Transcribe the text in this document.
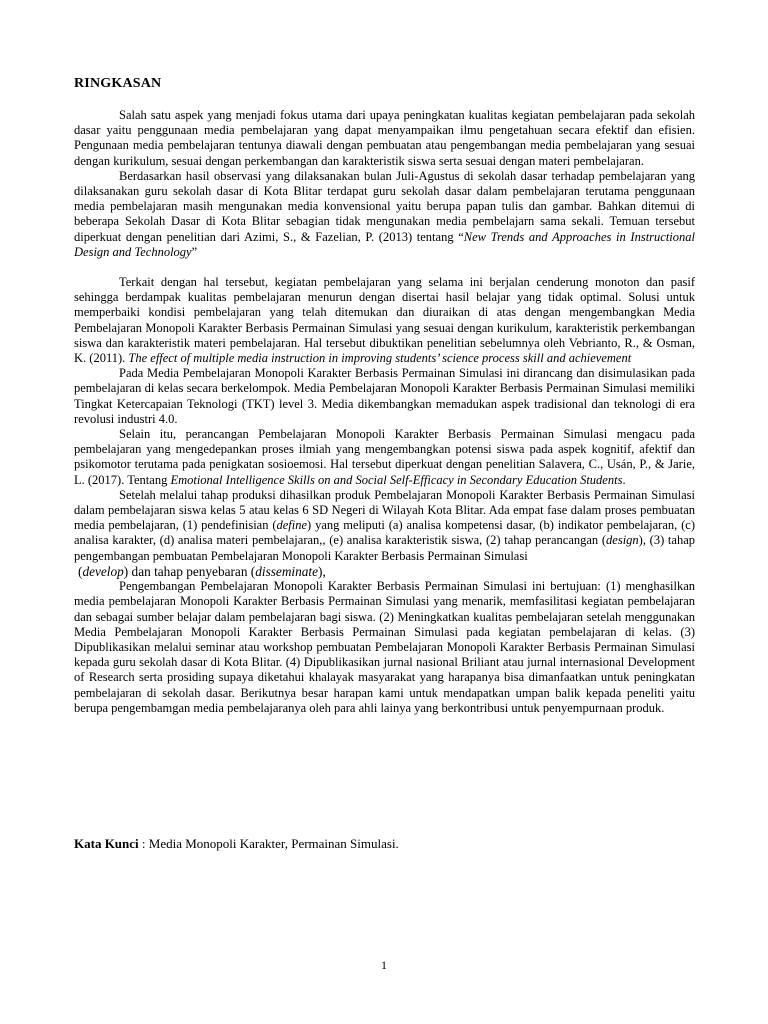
RINGKASAN

Salah satu aspek yang menjadi fokus utama dari upaya peningkatan kualitas kegiatan pembelajaran pada sekolah dasar yaitu penggunaan media pembelajaran yang dapat menyampaikan ilmu pengetahuan secara efektif dan efisien. Pengunaan media pembelajaran tentunya diawali dengan pembuatan atau pengembangan media pembelajaran yang sesuai dengan kurikulum, sesuai dengan perkembangan dan karakteristik siswa serta sesuai dengan materi pembelajaran.

Berdasarkan hasil observasi yang dilaksanakan bulan Juli-Agustus di sekolah dasar terhadap pembelajaran yang dilaksanakan guru sekolah dasar di Kota Blitar terdapat guru sekolah dasar dalam pembelajaran terutama penggunaan media pembelajaran masih mengunakan media konvensional yaitu berupa papan tulis dan gambar. Bahkan ditemui di beberapa Sekolah Dasar di Kota Blitar sebagian tidak mengunakan media pembelajarn sama sekali. Temuan tersebut diperkuat dengan penelitian dari Azimi, S., & Fazelian, P. (2013) tentang “New Trends and Approaches in Instructional Design and Technology”

Terkait dengan hal tersebut, kegiatan pembelajaran yang selama ini berjalan cenderung monoton dan pasif sehingga berdampak kualitas pembelajaran menurun dengan disertai hasil belajar yang tidak optimal. Solusi untuk memperbaiki kondisi pembelajaran yang telah ditemukan dan diuraikan di atas dengan mengembangkan Media Pembelajaran Monopoli Karakter Berbasis Permainan Simulasi yang sesuai dengan kurikulum, karakteristik perkembangan siswa dan karakteristik materi pembelajaran. Hal tersebut dibuktikan penelitian sebelumnya oleh Vebrianto, R., & Osman, K. (2011). The effect of multiple media instruction in improving students’ science process skill and achievement

Pada Media Pembelajaran Monopoli Karakter Berbasis Permainan Simulasi ini dirancang dan disimulasikan pada pembelajaran di kelas secara berkelompok. Media Pembelajaran Monopoli Karakter Berbasis Permainan Simulasi memiliki Tingkat Ketercapaian Teknologi (TKT) level 3. Media dikembangkan memadukan aspek tradisional dan teknologi di era revolusi industri 4.0.

Selain itu, perancangan Pembelajaran Monopoli Karakter Berbasis Permainan Simulasi mengacu pada pembelajaran yang mengedepankan proses ilmiah yang mengembangkan potensi siswa pada aspek kognitif, afektif dan psikomotor terutama pada penigkatan sosioemosi. Hal tersebut diperkuat dengan penelitian Salavera, C., Usán, P., & Jarie, L. (2017). Tentang Emotional Intelligence Skills on and Social Self-Efficacy in Secondary Education Students.

Setelah melalui tahap produksi dihasilkan produk Pembelajaran Monopoli Karakter Berbasis Permainan Simulasi dalam pembelajaran siswa kelas 5 atau kelas 6 SD Negeri di Wilayah Kota Blitar. Ada empat fase dalam proses pembuatan media pembelajaran, (1) pendefinisian (define) yang meliputi (a) analisa kompetensi dasar, (b) indikator pembelajaran, (c) analisa karakter, (d) analisa materi pembelajaran,, (e) analisa karakteristik siswa, (2) tahap perancangan (design), (3) tahap pengembangan pembuatan Pembelajaran Monopoli Karakter Berbasis Permainan Simulasi

(develop) dan tahap penyebaran (disseminate),

Pengembangan Pembelajaran Monopoli Karakter Berbasis Permainan Simulasi ini bertujuan: (1) menghasilkan media pembelajaran Monopoli Karakter Berbasis Permainan Simulasi yang menarik, memfasilitasi kegiatan pembelajaran dan sebagai sumber belajar dalam pembelajaran bagi siswa. (2) Meningkatkan kualitas pembelajaran setelah menggunakan Media Pembelajaran Monopoli Karakter Berbasis Permainan Simulasi pada kegiatan pembelajaran di kelas. (3) Dipublikasikan melalui seminar atau workshop pembuatan Pembelajaran Monopoli Karakter Berbasis Permainan Simulasi kepada guru sekolah dasar di Kota Blitar. (4) Dipublikasikan jurnal nasional Briliant atau jurnal internasional Development of Research serta prosiding supaya diketahui khalayak masyarakat yang harapanya bisa dimanfaatkan untuk peningkatan pembelajaran di sekolah dasar. Berikutnya besar harapan kami untuk mendapatkan umpan balik kepada peneliti yaitu berupa pengembamgan media pembelajaranya oleh para ahli lainya yang berkontribusi untuk penyempurnaan produk.

Kata Kunci : Media Monopoli Karakter, Permainan Simulasi.
1
